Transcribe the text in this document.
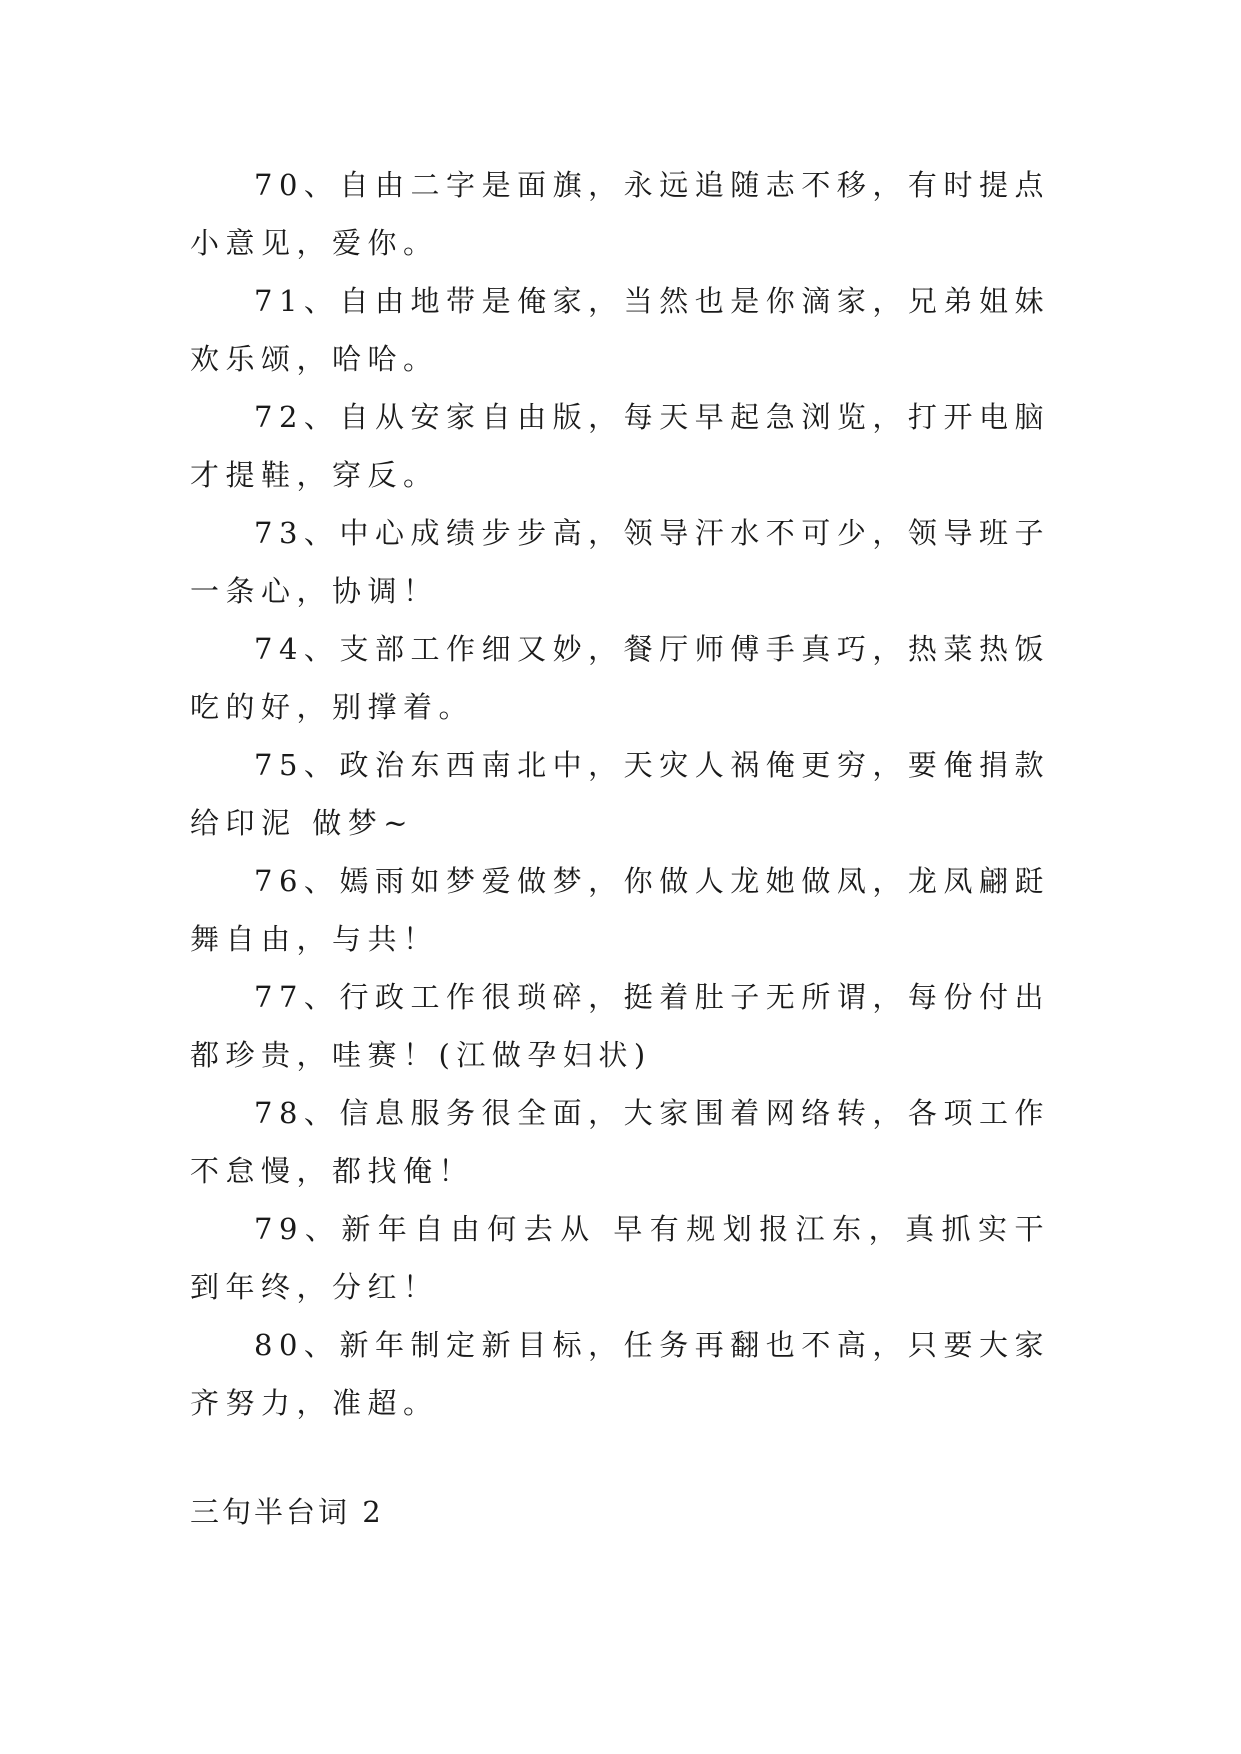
70、自由二字是面旗，永远追随志不移，有时提点小意见，爱你。

71、自由地带是俺家，当然也是你滴家，兄弟姐妹欢乐颂，哈哈。

72、自从安家自由版，每天早起急浏览，打开电脑才提鞋，穿反。

73、中心成绩步步高，领导汗水不可少，领导班子一条心，协调！

74、支部工作细又妙，餐厅师傅手真巧，热菜热饭吃的好，别撑着。

75、政治东西南北中，天灾人祸俺更穷，要俺捐款给印泥 做梦~

76、嫣雨如梦爱做梦，你做人龙她做凤，龙凤翩跹舞自由，与共！

77、行政工作很琐碎，挺着肚子无所谓，每份付出都珍贵，哇赛！(江做孕妇状)

78、信息服务很全面，大家围着网络转，各项工作不怠慢，都找俺！

79、新年自由何去从 早有规划报江东，真抓实干到年终，分红！

80、新年制定新目标，任务再翻也不高，只要大家齐努力，准超。

三句半台词 2
